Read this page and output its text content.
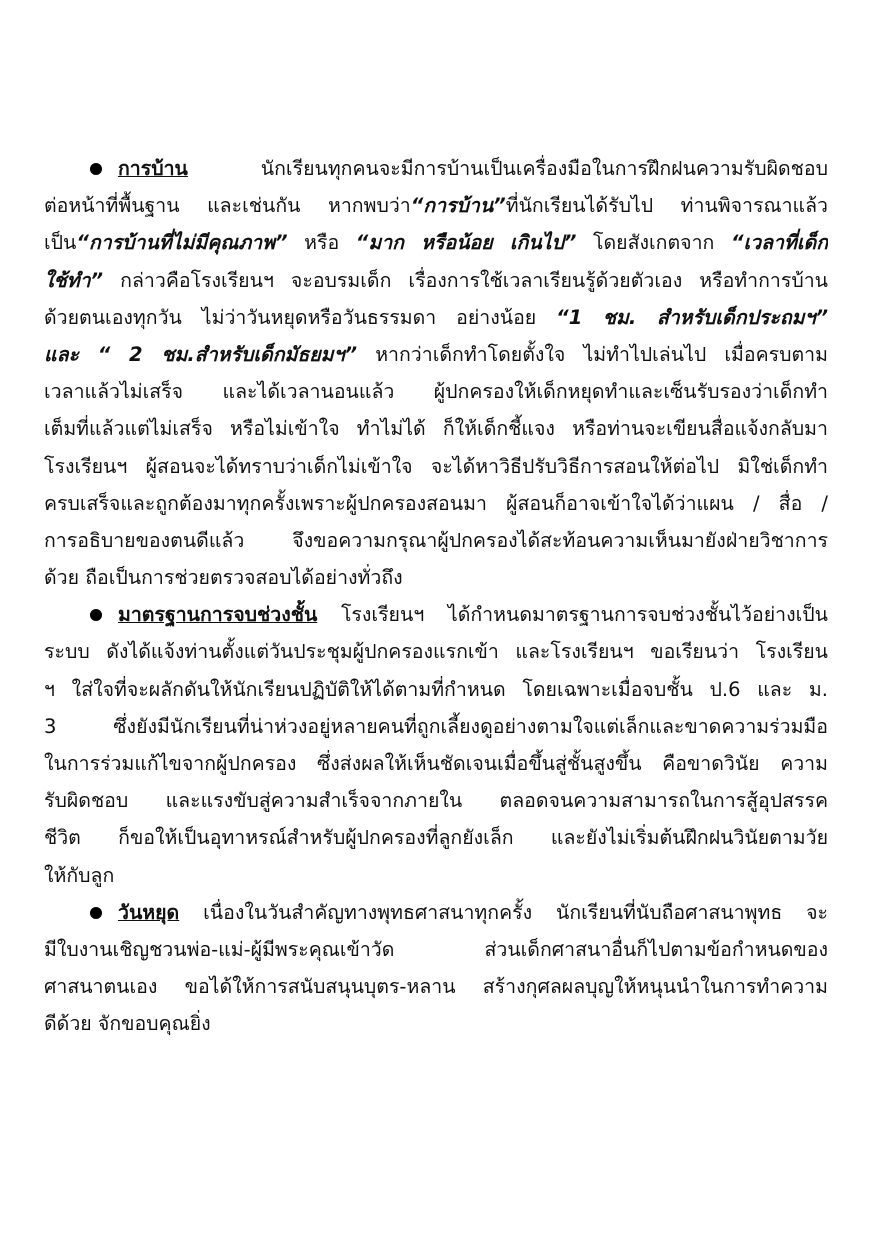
การบ้าน	นักเรียนทุกคนจะมีการบ้านเป็นเครื่องมือในการฝึกฝนความรับผิดชอบ
ต่อหน้าที่พื้นฐาน และเช่นกัน หากพบว่า“การบ้าน”ที่นักเรียนได้รับไป ท่านพิจารณาแล้ว
เป็น“การบ้านที่ไม่มีคุณภาพ” หรือ “มาก หรือน้อย เกินไป” โดยสังเกตจาก “เวลาที่เด็ก
ใช้ทำ” กล่าวคือโรงเรียนฯ จะอบรมเด็ก เรื่องการใช้เวลาเรียนรู้ด้วยตัวเอง หรือทำการบ้าน
ด้วยตนเองทุกวัน ไม่ว่าวันหยุดหรือวันธรรมดา อย่างน้อย “1 ชม. สำหรับเด็กประถมฯ”
และ “ 2 ชม.สำหรับเด็กมัธยมฯ” หากว่าเด็กทำโดยตั้งใจ ไม่ทำไปเล่นไป เมื่อครบตาม
เวลาแล้วไม่เสร็จ และได้เวลานอนแล้ว ผู้ปกครองให้เด็กหยุดทำและเซ็นรับรองว่าเด็กทำ
เต็มที่แล้วแต่ไม่เสร็จ หรือไม่เข้าใจ ทำไม่ได้ ก็ให้เด็กชี้แจง หรือท่านจะเขียนสื่อแจ้งกลับมา
โรงเรียนฯ ผู้สอนจะได้ทราบว่าเด็กไม่เข้าใจ จะได้หาวิธีปรับวิธีการสอนให้ต่อไป มิใช่เด็กทำ
ครบเสร็จและถูกต้องมาทุกครั้งเพราะผู้ปกครองสอนมา ผู้สอนก็อาจเข้าใจได้ว่าแผน / สื่อ /
การอธิบายของตนดีแล้ว จึงขอความกรุณาผู้ปกครองได้สะท้อนความเห็นมายังฝ่ายวิชาการ
ด้วย ถือเป็นการช่วยตรวจสอบได้อย่างทั่วถึง
มาตรฐานการจบช่วงชั้น โรงเรียนฯ ได้กำหนดมาตรฐานการจบช่วงชั้นไว้อย่างเป็น
ระบบ ดังได้แจ้งท่านตั้งแต่วันประชุมผู้ปกครองแรกเข้า และโรงเรียนฯ ขอเรียนว่า โรงเรียน
ฯ ใส่ใจที่จะผลักดันให้นักเรียนปฏิบัติให้ได้ตามที่กำหนด โดยเฉพาะเมื่อจบชั้น ป.6 และ ม.
3 ซึ่งยังมีนักเรียนที่น่าห่วงอยู่หลายคนที่ถูกเลี้ยงดูอย่างตามใจแต่เล็กและขาดความร่วมมือ
ในการร่วมแก้ไขจากผู้ปกครอง ซึ่งส่งผลให้เห็นชัดเจนเมื่อขึ้นสู่ชั้นสูงขึ้น คือขาดวินัย ความ
รับผิดชอบ และแรงขับสู่ความสำเร็จจากภายใน ตลอดจนความสามารถในการสู้อุปสรรค
ชีวิต ก็ขอให้เป็นอุทาหรณ์สำหรับผู้ปกครองที่ลูกยังเล็ก และยังไม่เริ่มต้นฝึกฝนวินัยตามวัย
ให้กับลูก
วันหยุด เนื่องในวันสำคัญทางพุทธศาสนาทุกครั้ง นักเรียนที่นับถือศาสนาพุทธ จะ
มีใบงานเชิญชวนพ่อ-แม่-ผู้มีพระคุณเข้าวัด ส่วนเด็กศาสนาอื่นก็ไปตามข้อกำหนดของ
ศาสนาตนเอง ขอได้ให้การสนับสนุนบุตร-หลาน สร้างกุศลผลบุญให้หนุนนำในการทำความ
ดีด้วย จักขอบคุณยิ่ง
